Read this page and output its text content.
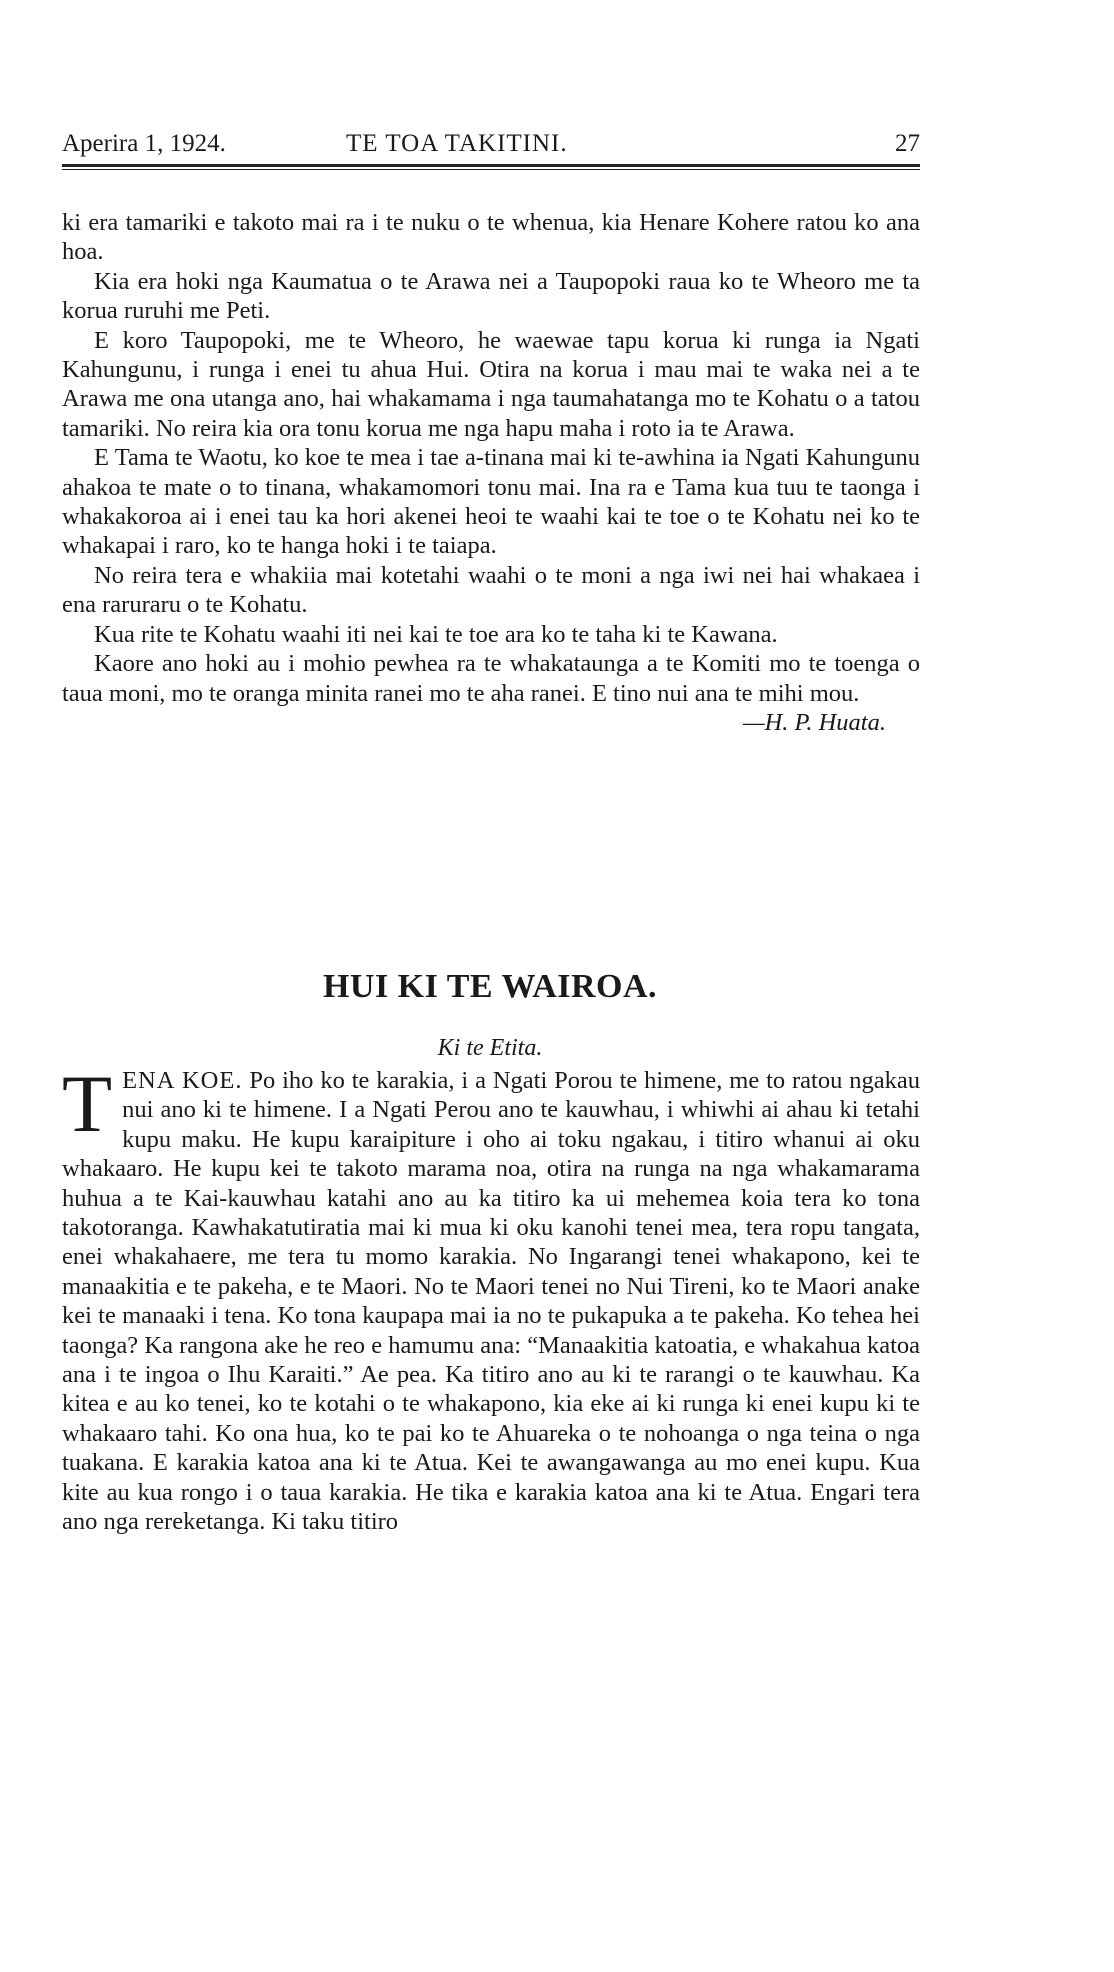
Aperira 1, 1924.	TE TOA TAKITINI.	27

ki era tamariki e takoto mai ra i te nuku o te whenua, kia Henare Kohere ratou ko ana hoa.

Kia era hoki nga Kaumatua o te Arawa nei a Taupopoki raua ko te Wheoro me ta korua ruruhi me Peti.

E koro Taupopoki, me te Wheoro, he waewae tapu korua ki runga ia Ngati Kahungunu, i runga i enei tu ahua Hui. Otira na korua i mau mai te waka nei a te Arawa me ona utanga ano, hai whakamama i nga taumahatanga mo te Kohatu o a tatou tamariki. No reira kia ora tonu korua me nga hapu maha i roto ia te Arawa.

E Tama te Waotu, ko koe te mea i tae a-tinana mai ki te-awhina ia Ngati Kahungunu ahakoa te mate o to tinana, whakamomori tonu mai. Ina ra e Tama kua tuu te taonga i whakakoroa ai i enei tau ka hori akenei heoi te waahi kai te toe o te Kohatu nei ko te whakapai i raro, ko te hanga hoki i te taiapa.

No reira tera e whakiia mai kotetahi waahi o te moni a nga iwi nei hai whakaea i ena raruraru o te Kohatu.

Kua rite te Kohatu waahi iti nei kai te toe ara ko te taha ki te Kawana.

Kaore ano hoki au i mohio pewhea ra te whakataunga a te Komiti mo te toenga o taua moni, mo te oranga minita ranei mo te aha ranei. E tino nui ana te mihi mou.

—H. P. Huata.

HUI KI TE WAIROA.
Ki te Etita.

TENA KOE. Po iho ko te karakia, i a Ngati Porou te himene, me to ratou ngakau nui ano ki te himene. I a Ngati Perou ano te kauwhau, i whiwhi ai ahau ki tetahi kupu maku. He kupu karaipiture i oho ai toku ngakau, i titiro whanui ai oku whakaaro. He kupu kei te takoto marama noa, otira na runga na nga whakamarama huhua a te Kai-kauwhau katahi ano au ka titiro ka ui mehemea koia tera ko tona takotoranga. Kawhakatutiratia mai ki mua ki oku kanohi tenei mea, tera ropu tangata, enei whakahaere, me tera tu momo karakia. No Ingarangi tenei whakapono, kei te manaakitia e te pakeha, e te Maori. No te Maori tenei no Nui Tireni, ko te Maori anake kei te manaaki i tena. Ko tona kaupapa mai ia no te pukapuka a te pakeha. Ko tehea hei taonga? Ka rangona ake he reo e hamumu ana: “Manaakitia katoatia, e whakahua katoa ana i te ingoa o Ihu Karaiti.” Ae pea. Ka titiro ano au ki te rarangi o te kauwhau. Ka kitea e au ko tenei, ko te kotahi o te whakapono, kia eke ai ki runga ki enei kupu ki te whakaaro tahi. Ko ona hua, ko te pai ko te Ahuareka o te nohoanga o nga teina o nga tuakana. E karakia katoa ana ki te Atua. Kei te awangawanga au mo enei kupu. Kua kite au kua rongo i o taua karakia. He tika e karakia katoa ana ki te Atua. Engari tera ano nga rereketanga. Ki taku titiro
